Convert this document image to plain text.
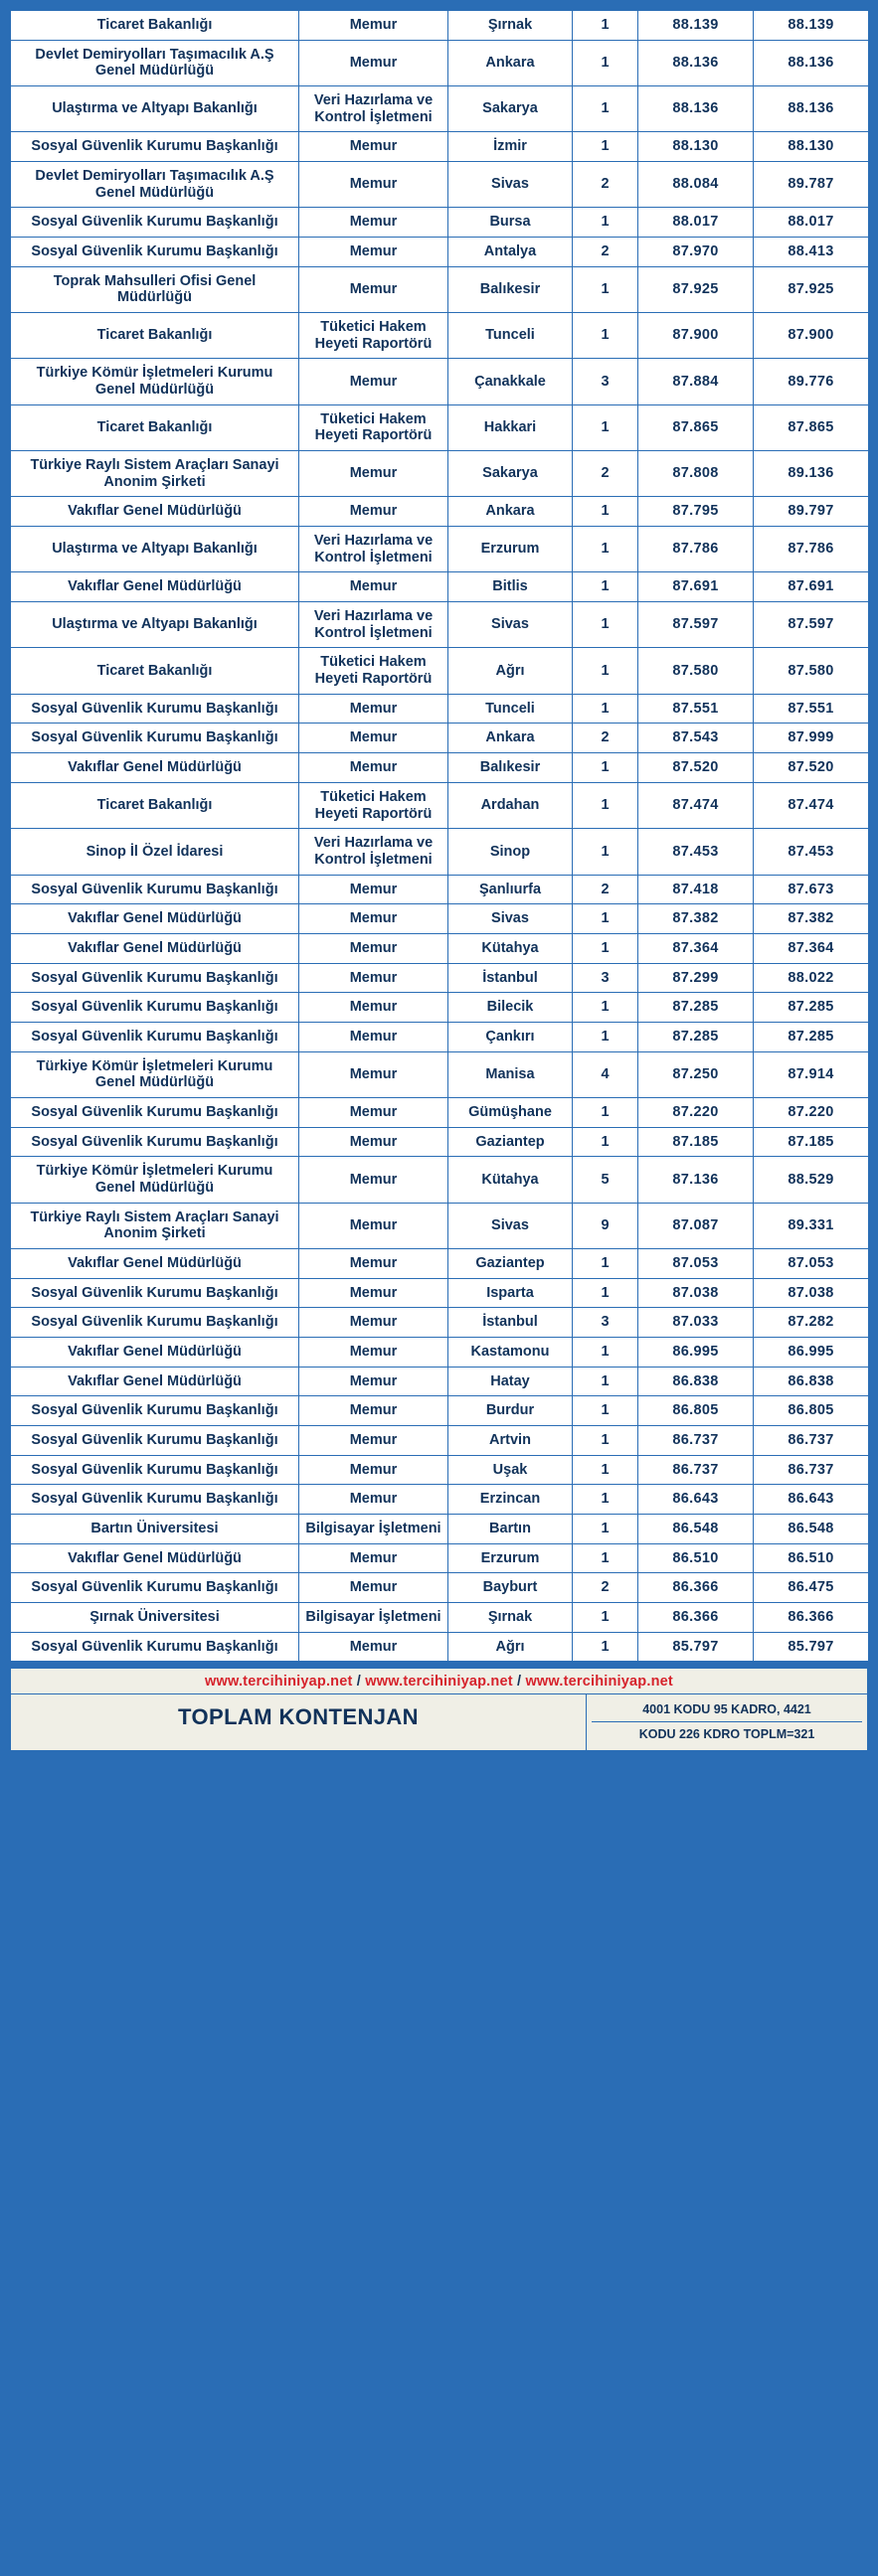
Ticaret Bakanlığı	Memur	Şırnak	1	88.139	88.139
Devlet Demiryolları Taşımacılık A.Ş Genel Müdürlüğü	Memur	Ankara	1	88.136	88.136
Ulaştırma ve Altyapı Bakanlığı	Veri Hazırlama ve Kontrol İşletmeni	Sakarya	1	88.136	88.136
Sosyal Güvenlik Kurumu Başkanlığı	Memur	İzmir	1	88.130	88.130
Devlet Demiryolları Taşımacılık A.Ş Genel Müdürlüğü	Memur	Sivas	2	88.084	89.787
Sosyal Güvenlik Kurumu Başkanlığı	Memur	Bursa	1	88.017	88.017
Sosyal Güvenlik Kurumu Başkanlığı	Memur	Antalya	2	87.970	88.413
Toprak Mahsulleri Ofisi Genel Müdürlüğü	Memur	Balıkesir	1	87.925	87.925
Ticaret Bakanlığı	Tüketici Hakem Heyeti Raportörü	Tunceli	1	87.900	87.900
Türkiye Kömür İşletmeleri Kurumu Genel Müdürlüğü	Memur	Çanakkale	3	87.884	89.776
Ticaret Bakanlığı	Tüketici Hakem Heyeti Raportörü	Hakkari	1	87.865	87.865
Türkiye Raylı Sistem Araçları Sanayi Anonim Şirketi	Memur	Sakarya	2	87.808	89.136
Vakıflar Genel Müdürlüğü	Memur	Ankara	1	87.795	89.797
Ulaştırma ve Altyapı Bakanlığı	Veri Hazırlama ve Kontrol İşletmeni	Erzurum	1	87.786	87.786
Vakıflar Genel Müdürlüğü	Memur	Bitlis	1	87.691	87.691
Ulaştırma ve Altyapı Bakanlığı	Veri Hazırlama ve Kontrol İşletmeni	Sivas	1	87.597	87.597
Ticaret Bakanlığı	Tüketici Hakem Heyeti Raportörü	Ağrı	1	87.580	87.580
Sosyal Güvenlik Kurumu Başkanlığı	Memur	Tunceli	1	87.551	87.551
Sosyal Güvenlik Kurumu Başkanlığı	Memur	Ankara	2	87.543	87.999
Vakıflar Genel Müdürlüğü	Memur	Balıkesir	1	87.520	87.520
Ticaret Bakanlığı	Tüketici Hakem Heyeti Raportörü	Ardahan	1	87.474	87.474
Sinop İl Özel İdaresi	Veri Hazırlama ve Kontrol İşletmeni	Sinop	1	87.453	87.453
Sosyal Güvenlik Kurumu Başkanlığı	Memur	Şanlıurfa	2	87.418	87.673
Vakıflar Genel Müdürlüğü	Memur	Sivas	1	87.382	87.382
Vakıflar Genel Müdürlüğü	Memur	Kütahya	1	87.364	87.364
Sosyal Güvenlik Kurumu Başkanlığı	Memur	İstanbul	3	87.299	88.022
Sosyal Güvenlik Kurumu Başkanlığı	Memur	Bilecik	1	87.285	87.285
Sosyal Güvenlik Kurumu Başkanlığı	Memur	Çankırı	1	87.285	87.285
Türkiye Kömür İşletmeleri Kurumu Genel Müdürlüğü	Memur	Manisa	4	87.250	87.914
Sosyal Güvenlik Kurumu Başkanlığı	Memur	Gümüşhane	1	87.220	87.220
Sosyal Güvenlik Kurumu Başkanlığı	Memur	Gaziantep	1	87.185	87.185
Türkiye Kömür İşletmeleri Kurumu Genel Müdürlüğü	Memur	Kütahya	5	87.136	88.529
Türkiye Raylı Sistem Araçları Sanayi Anonim Şirketi	Memur	Sivas	9	87.087	89.331
Vakıflar Genel Müdürlüğü	Memur	Gaziantep	1	87.053	87.053
Sosyal Güvenlik Kurumu Başkanlığı	Memur	Isparta	1	87.038	87.038
Sosyal Güvenlik Kurumu Başkanlığı	Memur	İstanbul	3	87.033	87.282
Vakıflar Genel Müdürlüğü	Memur	Kastamonu	1	86.995	86.995
Vakıflar Genel Müdürlüğü	Memur	Hatay	1	86.838	86.838
Sosyal Güvenlik Kurumu Başkanlığı	Memur	Burdur	1	86.805	86.805
Sosyal Güvenlik Kurumu Başkanlığı	Memur	Artvin	1	86.737	86.737
Sosyal Güvenlik Kurumu Başkanlığı	Memur	Uşak	1	86.737	86.737
Sosyal Güvenlik Kurumu Başkanlığı	Memur	Erzincan	1	86.643	86.643
Bartın Üniversitesi	Bilgisayar İşletmeni	Bartın	1	86.548	86.548
Vakıflar Genel Müdürlüğü	Memur	Erzurum	1	86.510	86.510
Sosyal Güvenlik Kurumu Başkanlığı	Memur	Bayburt	2	86.366	86.475
Şırnak Üniversitesi	Bilgisayar İşletmeni	Şırnak	1	86.366	86.366
Sosyal Güvenlik Kurumu Başkanlığı	Memur	Ağrı	1	85.797	85.797
www.tercihiniyap.net / www.tercihiniyap.net / www.tercihiniyap.net
TOPLAM KONTENJAN	4001 KODU 95 KADRO, 4421
KODU 226 KDRO TOPLM=321
